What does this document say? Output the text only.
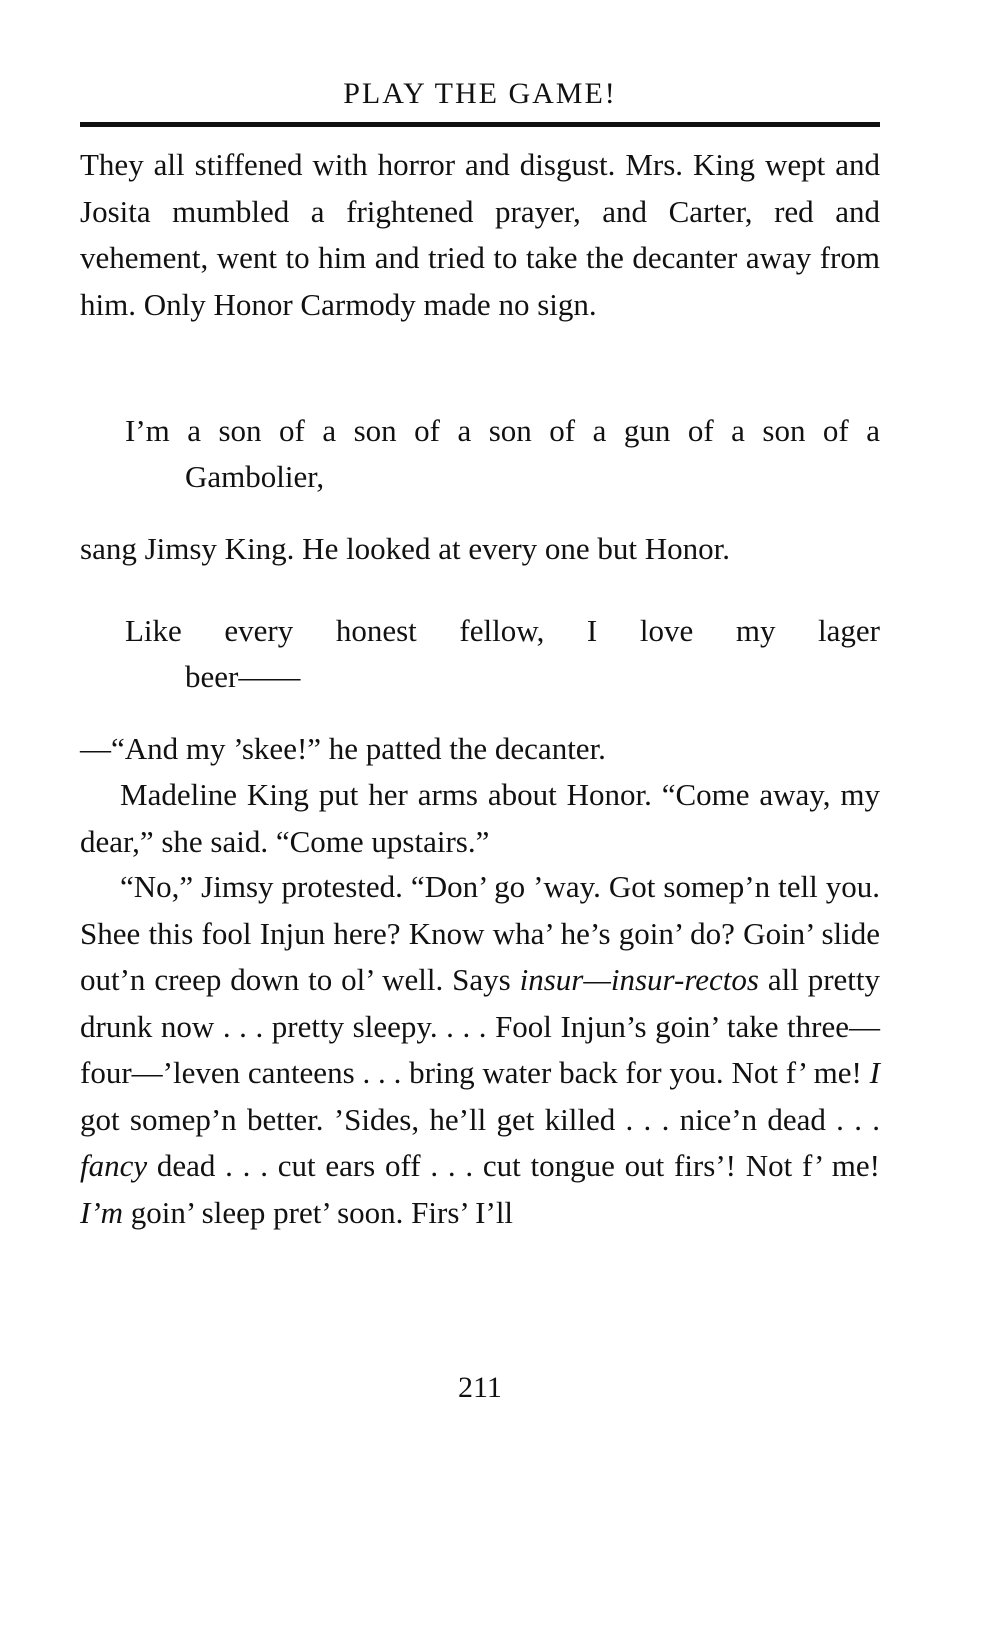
PLAY THE GAME!

They all stiffened with horror and disgust. Mrs. King wept and Josita mumbled a frightened prayer, and Carter, red and vehement, went to him and tried to take the decanter away from him. Only Honor Carmody made no sign.

I’m a son of a son of a son of a gun of a son of a
Gambolier,

sang Jimsy King. He looked at every one but Honor.

Like every honest fellow, I love my lager
beer——

—“And my ’skee!” he patted the decanter.

Madeline King put her arms about Honor. “Come away, my dear,” she said. “Come upstairs.”

“No,” Jimsy protested. “Don’ go ’way. Got somep’n tell you. Shee this fool Injun here? Know wha’ he’s goin’ do? Goin’ slide out’n creep down to ol’ well. Says insur—insur-rectos all pretty drunk now . . . pretty sleepy. . . . Fool Injun’s goin’ take three—four—’leven canteens . . . bring water back for you. Not f’ me! I got somep’n better. ’Sides, he’ll get killed . . . nice’n dead . . . fancy dead . . . cut ears off . . . cut tongue out firs’! Not f’ me! I’m goin’ sleep pret’ soon. Firs’ I’ll

211
